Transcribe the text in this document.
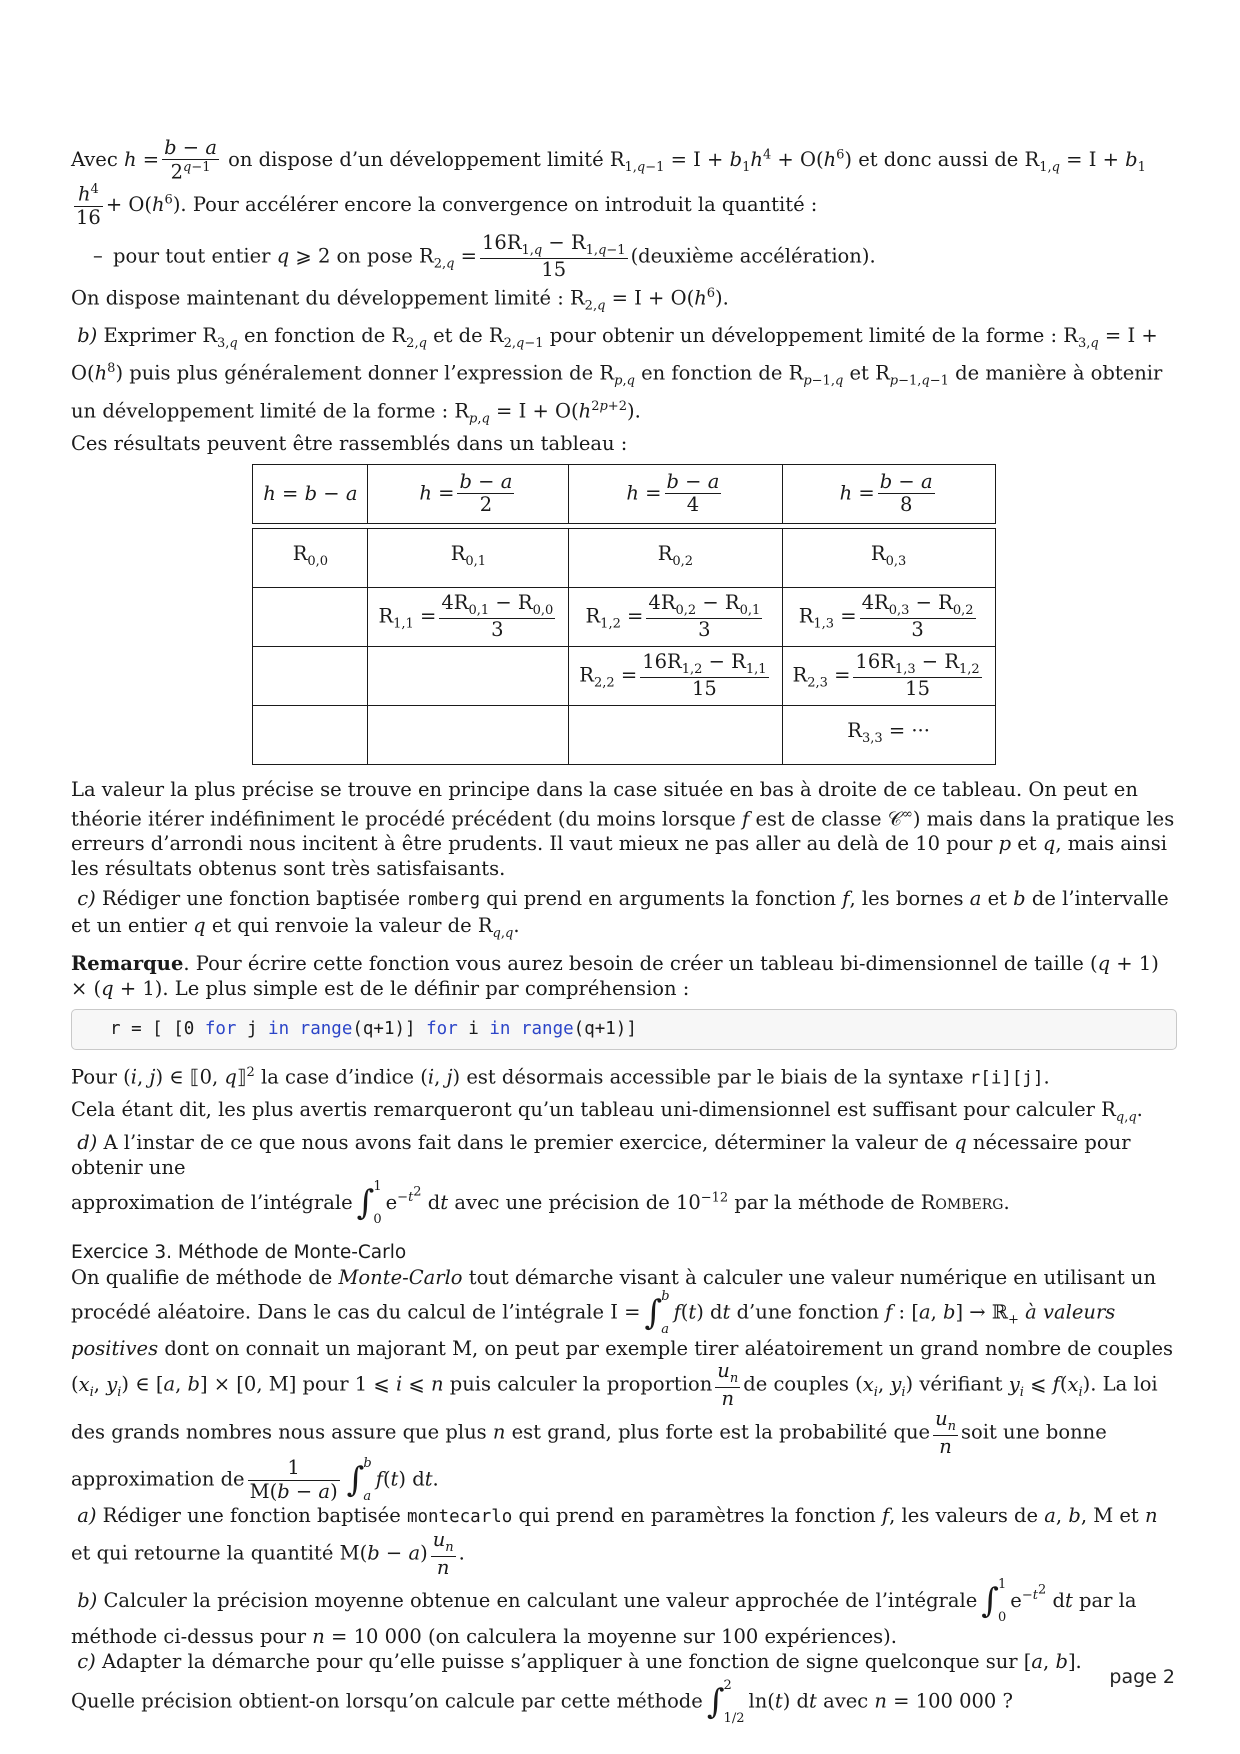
Avec $h = \frac{b - a}{2^{q-1}}$ on dispose d’un développement limité $R_{1,q-1} = I + b_1h^4 + O(h^6)$ et donc aussi de $R_{1,q} = I + b_1$
$\frac{h^4}{16} + O(h^6)$. Pour accélérer encore la convergence on introduit la quantité :

– pour tout entier q ⩾ 2 on pose $R_{2,q} = \frac{16R_{1,q} - R_{1,q-1}}{15}$ (deuxième accélération).

On dispose maintenant du développement limité : $R_{2,q} = I + O(h^6)$.

b) Exprimer $R_{3,q}$ en fonction de $R_{2,q}$ et de $R_{2,q-1}$ pour obtenir un développement limité de la forme : $R_{3,q} = I + O(h^8)$ puis plus généralement donner l’expression de $R_{p,q}$ en fonction de $R_{p-1,q}$ et $R_{p-1,q-1}$ de manière à obtenir un développement limité de la forme : $R_{p,q} = I + O(h^{2p+2})$.

Ces résultats peuvent être rassemblés dans un tableau :

h = b − a	$h = \frac{b - a}{2}$	$h = \frac{b - a}{4}$	$h = \frac{b - a}{8}$

$R_{0,0}$	$R_{0,1}$	$R_{0,2}$	$R_{0,3}$
	$R_{1,1} = \frac{4R_{0,1} - R_{0,0}}{3}$	$R_{1,2} = \frac{4R_{0,2} - R_{0,1}}{3}$	$R_{1,3} = \frac{4R_{0,3} - R_{0,2}}{3}$

		$R_{2,2} = \frac{16R_{1,2} - R_{1,1}}{15}$	$R_{2,3} = \frac{16R_{1,3} - R_{1,2}}{15}$

			$R_{3,3}$ = ···

La valeur la plus précise se trouve en principe dans la case située en bas à droite de ce tableau. On peut en théorie itérer indéfiniment le procédé précédent (du moins lorsque f est de classe 𝒞∞) mais dans la pratique les erreurs d’arrondi nous incitent à être prudents. Il vaut mieux ne pas aller au delà de 10 pour p et q, mais ainsi les résultats obtenus sont très satisfaisants.

c) Rédiger une fonction baptisée romberg qui prend en arguments la fonction f, les bornes a et b de l’intervalle et un entier q et qui renvoie la valeur de $R_{q,q}$.

Remarque. Pour écrire cette fonction vous aurez besoin de créer un tableau bi-dimensionnel de taille (q + 1) × (q + 1). Le plus simple est de le définir par compréhension :

r = [ [0 for j in range(q+1)] for i in range(q+1)]

Pour (i, j) ∈ ⟦0, q⟧$^2$ la case d’indice (i, j) est désormais accessible par le biais de la syntaxe r[i][j].

Cela étant dit, les plus avertis remarqueront qu’un tableau uni-dimensionnel est suffisant pour calculer $R_{q,q}$.

d) A l’instar de ce que nous avons fait dans le premier exercice, déterminer la valeur de q nécessaire pour obtenir une
approximation de l’intégrale ∫ 1
0
$e^{-t^2}$ dt avec une précision de $10^{-12}$ par la méthode de Romberg.

Exercice 3. Méthode de Monte-Carlo

On qualifie de méthode de Monte-Carlo tout démarche visant à calculer une valeur numérique en utilisant un procédé aléatoire. Dans le cas du calcul de l’intégrale I = ∫ b
a
f(t) dt d’une fonction f : [a, b] → ℝ$_+$ à valeurs positives dont on connait un majorant M, on peut par exemple tirer aléatoirement un grand nombre de couples ($x_i$, $y_i$) ∈ [a, b] × [0, M] pour 1 ⩽ i ⩽ n puis calculer la proportion $\frac{u_n}{n}$ de couples ($x_i$, $y_i$) vérifiant $y_i$ ⩽ $f(x_i)$. La loi des grands nombres nous assure que plus n est grand, plus forte est la probabilité que $\frac{u_n}{n}$ soit une bonne approximation de $\frac{1}{M(b - a)}$ ∫ b
a
f(t) dt.

a) Rédiger une fonction baptisée montecarlo qui prend en paramètres la fonction f, les valeurs de a, b, M et n et qui retourne la quantité $M(b - a) \frac{u_n}{n}$ .

b) Calculer la précision moyenne obtenue en calculant une valeur approchée de l’intégrale ∫ 1
0
$e^{-t^2}$ dt par la méthode ci-dessus pour n = 10 000 (on calculera la moyenne sur 100 expériences).

c) Adapter la démarche pour qu’elle puisse s’appliquer à une fonction de signe quelconque sur [a, b].

Quelle précision obtient-on lorsqu’on calcule par cette méthode ∫ 2
1/2
ln(t) dt avec n = 100 000 ?

page 2
